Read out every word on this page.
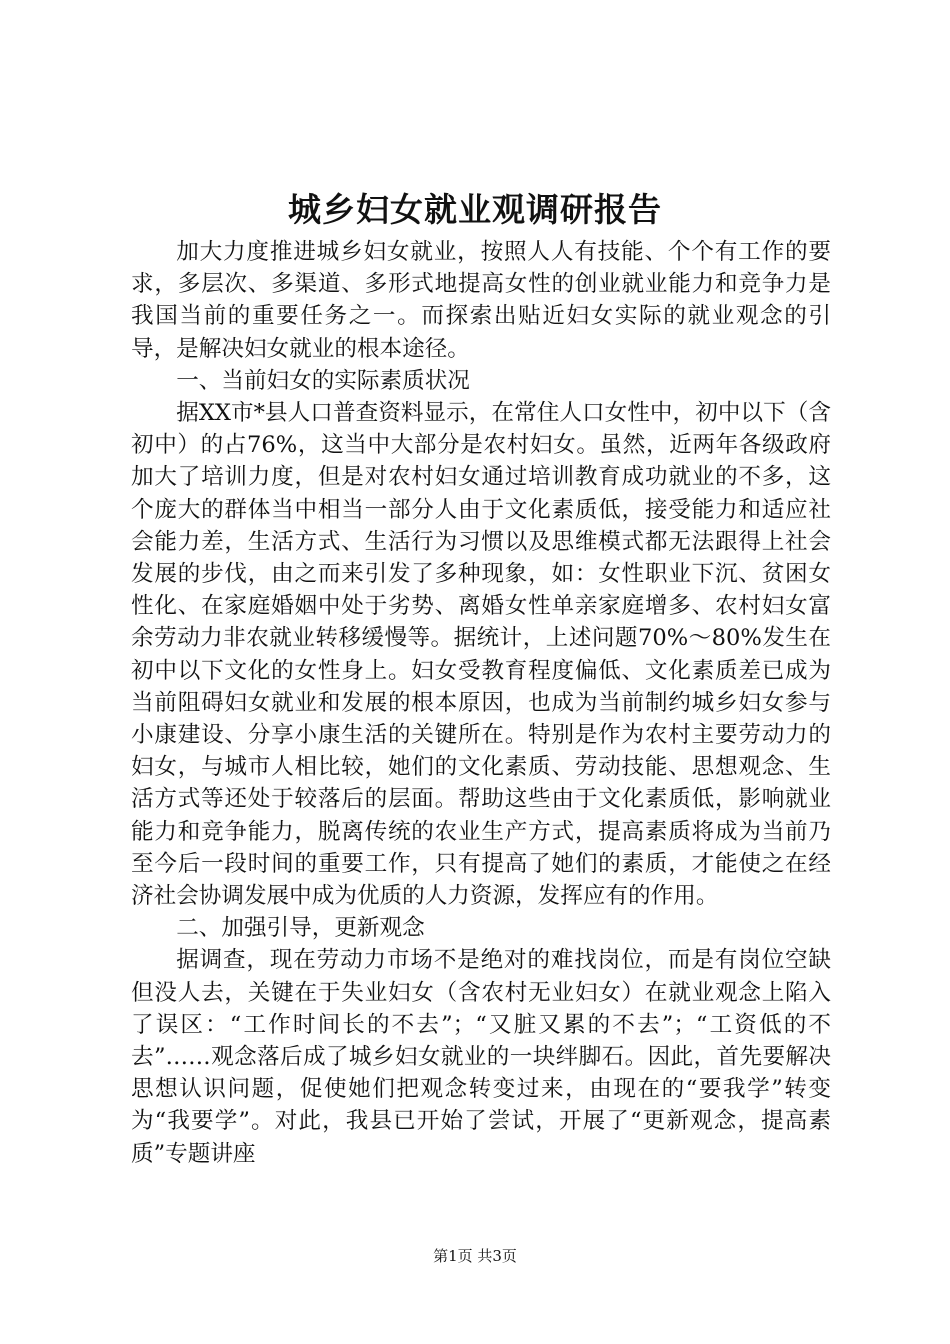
城乡妇女就业观调研报告

加大力度推进城乡妇女就业，按照人人有技能、个个有工作的要求，多层次、多渠道、多形式地提高女性的创业就业能力和竞争力是我国当前的重要任务之一。而探索出贴近妇女实际的就业观念的引导，是解决妇女就业的根本途径。

一、当前妇女的实际素质状况

据XX市*县人口普查资料显示，在常住人口女性中，初中以下（含初中）的占76%，这当中大部分是农村妇女。虽然，近两年各级政府加大了培训力度，但是对农村妇女通过培训教育成功就业的不多，这个庞大的群体当中相当一部分人由于文化素质低，接受能力和适应社会能力差，生活方式、生活行为习惯以及思维模式都无法跟得上社会发展的步伐，由之而来引发了多种现象，如：女性职业下沉、贫困女性化、在家庭婚姻中处于劣势、离婚女性单亲家庭增多、农村妇女富余劳动力非农就业转移缓慢等。据统计，上述问题70%～80%发生在初中以下文化的女性身上。妇女受教育程度偏低、文化素质差已成为当前阻碍妇女就业和发展的根本原因，也成为当前制约城乡妇女参与小康建设、分享小康生活的关键所在。特别是作为农村主要劳动力的妇女，与城市人相比较，她们的文化素质、劳动技能、思想观念、生活方式等还处于较落后的层面。帮助这些由于文化素质低，影响就业能力和竞争能力，脱离传统的农业生产方式，提高素质将成为当前乃至今后一段时间的重要工作，只有提高了她们的素质，才能使之在经济社会协调发展中成为优质的人力资源，发挥应有的作用。

二、加强引导，更新观念

据调查，现在劳动力市场不是绝对的难找岗位，而是有岗位空缺但没人去，关键在于失业妇女（含农村无业妇女）在就业观念上陷入了误区：“工作时间长的不去”；“又脏又累的不去”；“工资低的不去”……观念落后成了城乡妇女就业的一块绊脚石。因此，首先要解决思想认识问题，促使她们把观念转变过来，由现在的“要我学”转变为“我要学”。对此，我县已开始了尝试，开展了“更新观念，提高素质”专题讲座

第1页 共3页
